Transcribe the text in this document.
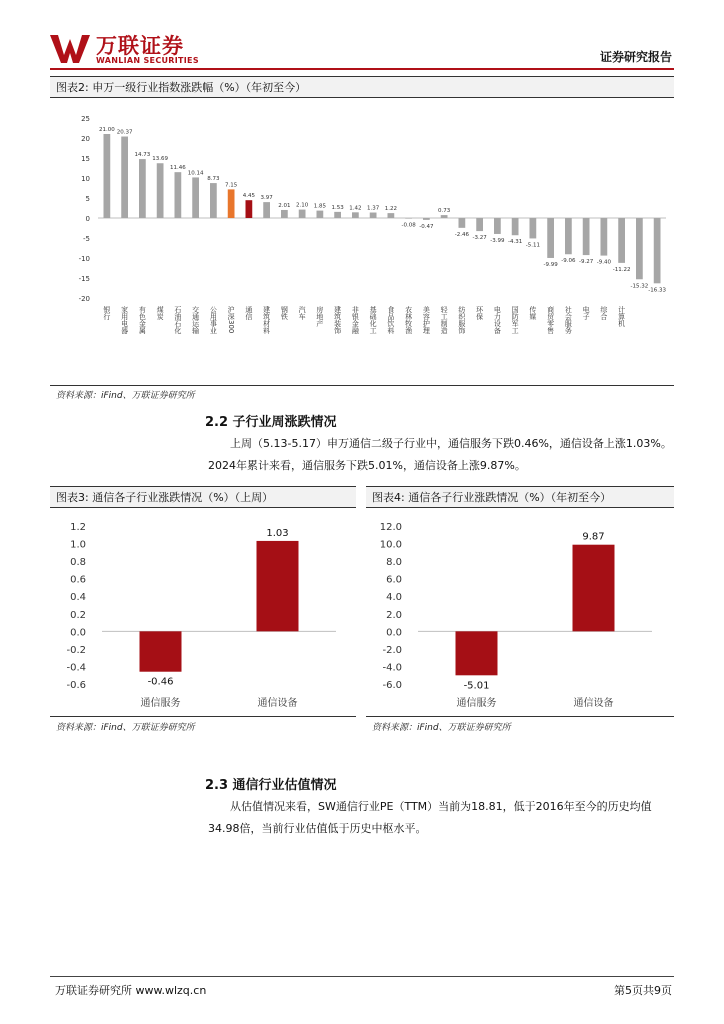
万联证券
WANLIAN SECURITIES	证券研究报告
图表2: 申万一级行业指数涨跌幅（%）（年初至今）
25
20
15
10
5
0
-5
-10
-15
-20
21.00 20.37
14.73
13.69
11.46
10.14
8.73
7.15
4.45 3.97
2.01 2.10 1.85 1.53 1.42 1.37 1.22
-0.08 -0.47
0.73
-2.46
-3.27 -3.99 -4.31
-5.11
-9.99
-9.06 -9.27 -9.40
-11.22
-15.32
-16.33
银行 家用电器 有色金属 煤炭 石油石化 交通运输 公用事业 沪深300 通信 建筑材料 钢铁 汽车 房地产 建筑装饰 非银金融 基础化工 食品饮料 农林牧渔 美容护理 轻工制造 纺织服饰 环保 电力设备 国防军工 传媒 商贸零售 社会服务 电子 综合 计算机
资料来源：iFind、万联证券研究所
2.2 子行业周涨跌情况
上周（5.13-5.17）申万通信二级子行业中，通信服务下跌0.46%，通信设备上涨1.03%。2024年累计来看，通信服务下跌5.01%，通信设备上涨9.87%。
图表3: 通信各子行业涨跌情况（%）（上周）
1.2
1.0
0.8
0.6
0.4
0.2
0.0
-0.2
-0.4
-0.6	-0.46
通信服务
1.03
通信设备
资料来源：iFind、万联证券研究所
图表4: 通信各子行业涨跌情况（%）（年初至今）
12.0
10.0
8.0
6.0
4.0
2.0
0.0
-2.0
-4.0
-6.0	-5.01
通信服务
9.87
通信设备
资料来源：iFind、万联证券研究所
2.3 通信行业估值情况
从估值情况来看，SW通信行业PE（TTM）当前为18.81，低于2016年至今的历史均值34.98倍，当前行业估值低于历史中枢水平。
万联证券研究所 www.wlzq.cn	第5页共9页
